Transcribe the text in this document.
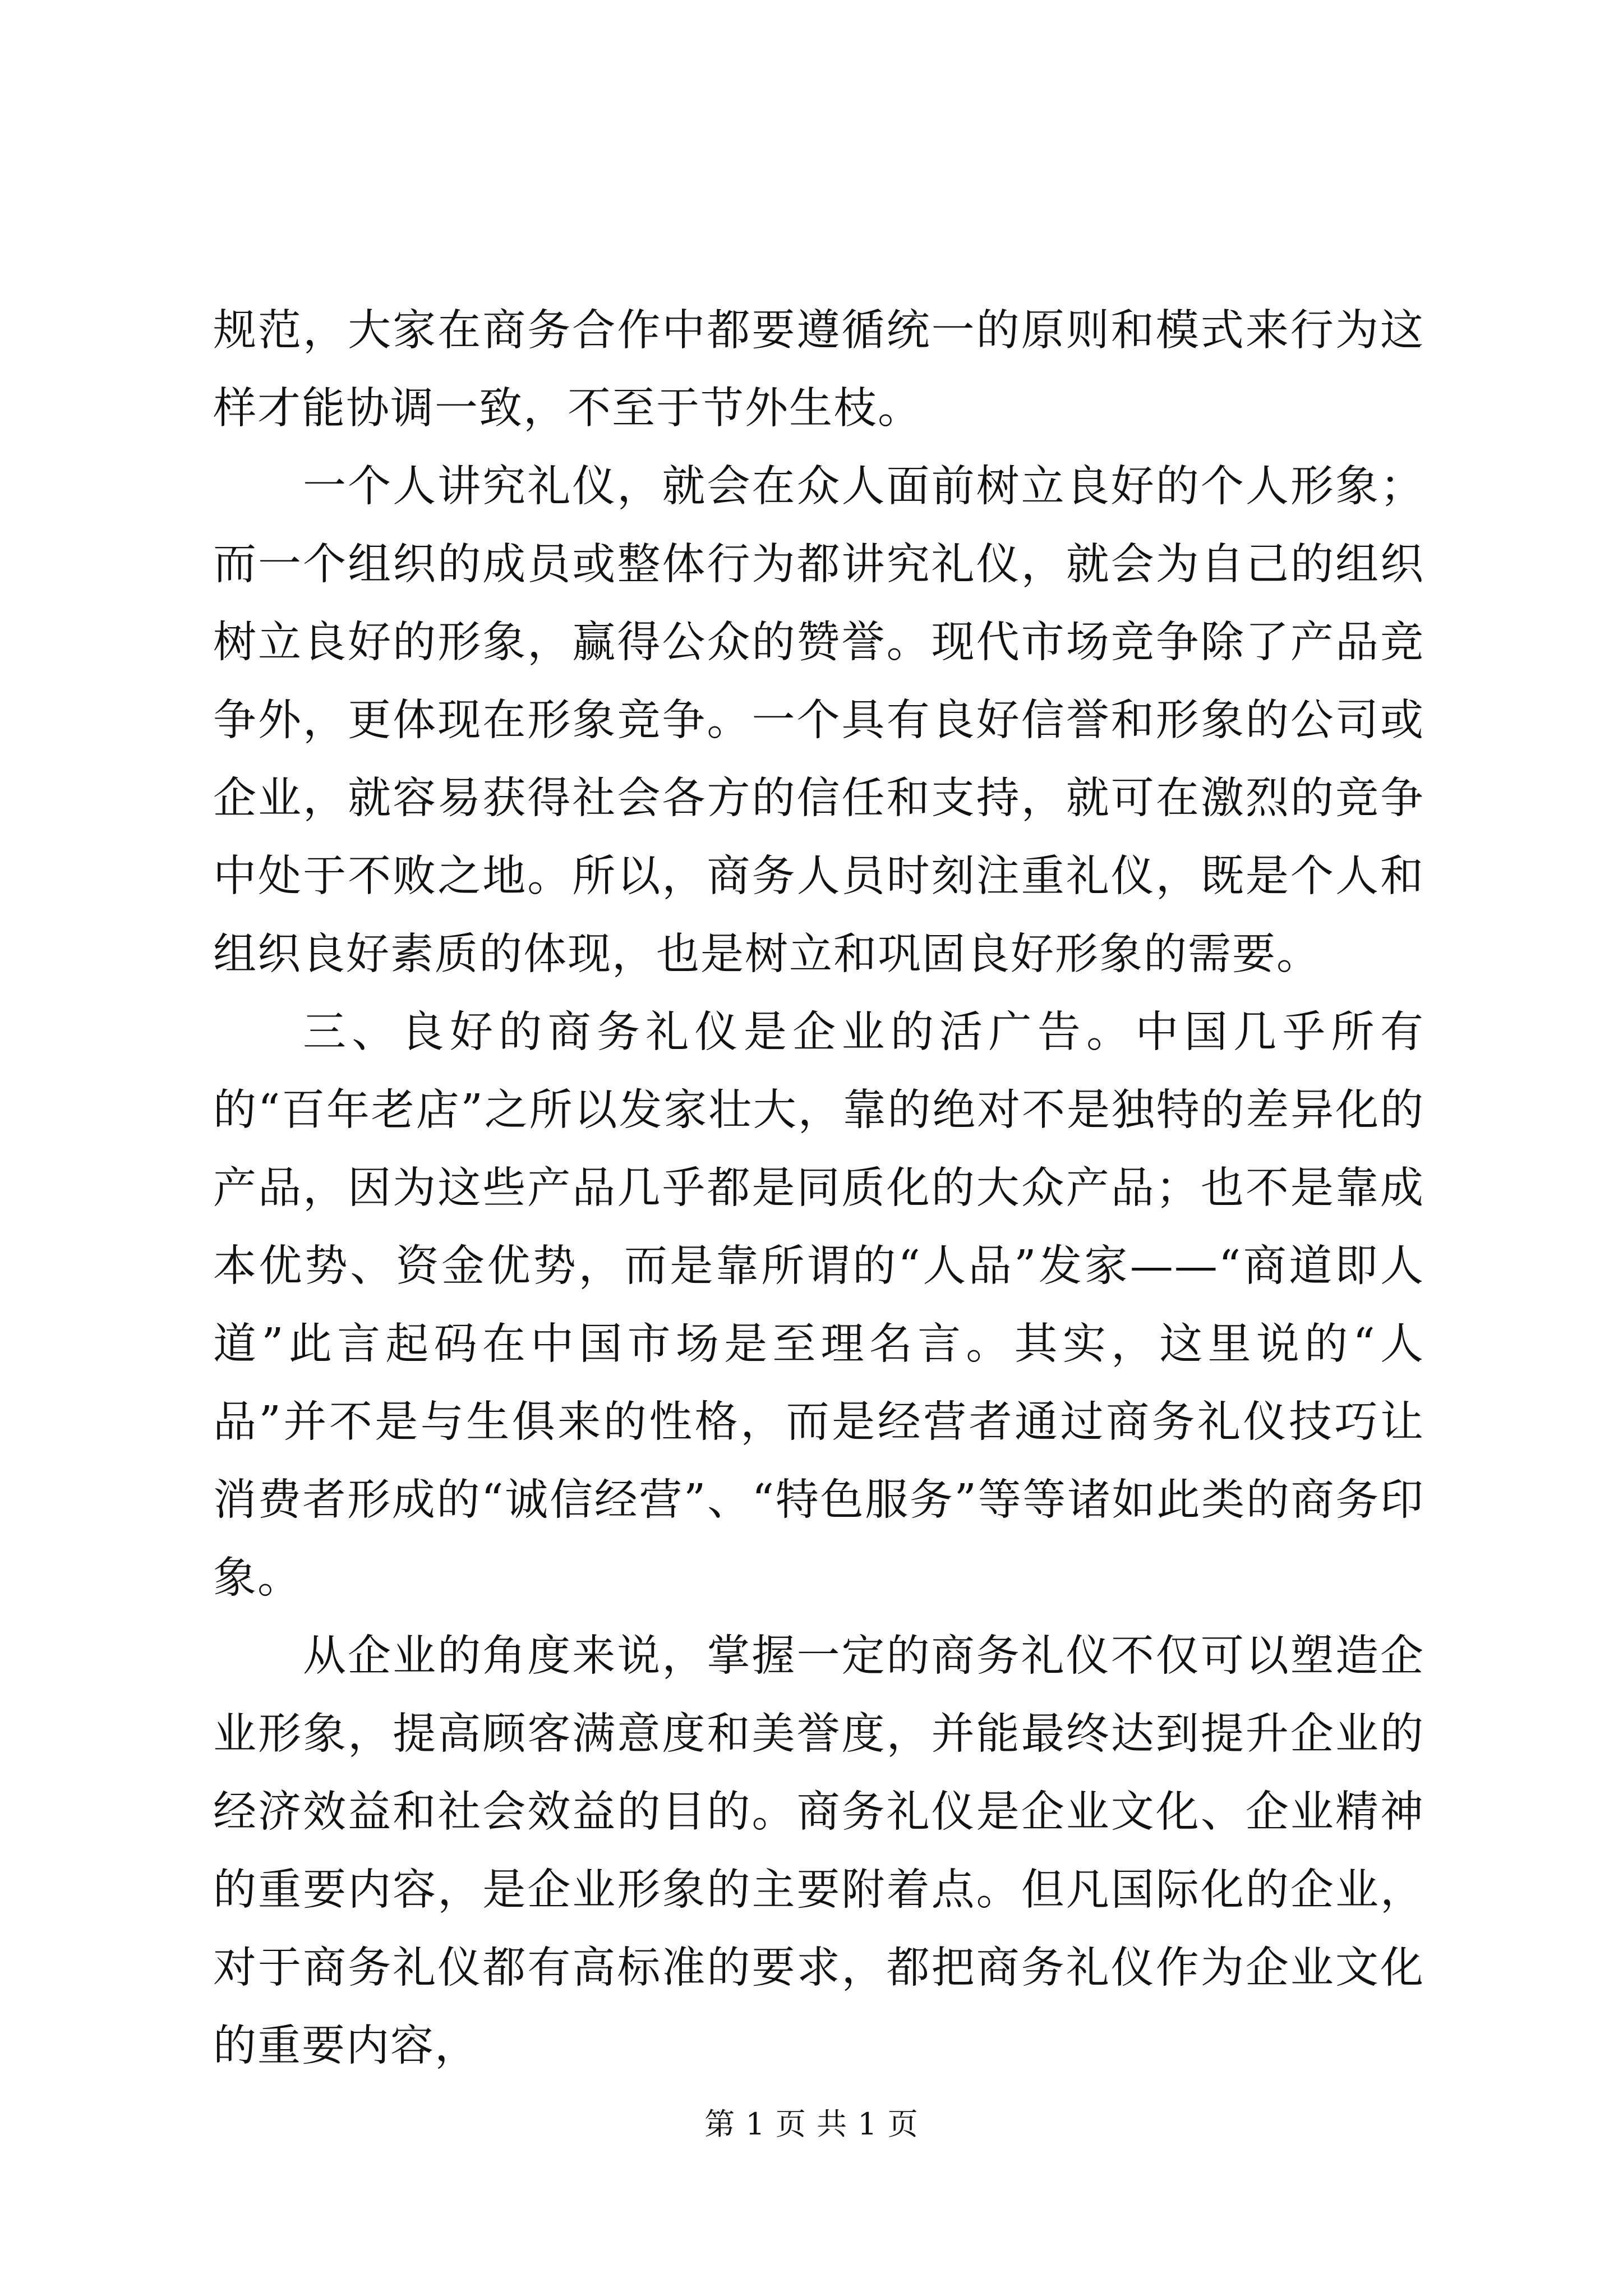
规范，大家在商务合作中都要遵循统一的原则和模式来行为这样才能协调一致，不至于节外生枝。

一个人讲究礼仪，就会在众人面前树立良好的个人形象；而一个组织的成员或整体行为都讲究礼仪，就会为自己的组织树立良好的形象，赢得公众的赞誉。现代市场竞争除了产品竞争外，更体现在形象竞争。一个具有良好信誉和形象的公司或企业，就容易获得社会各方的信任和支持，就可在激烈的竞争中处于不败之地。所以，商务人员时刻注重礼仪，既是个人和组织良好素质的体现，也是树立和巩固良好形象的需要。

三、良好的商务礼仪是企业的活广告。中国几乎所有的“百年老店”之所以发家壮大，靠的绝对不是独特的差异化的产品，因为这些产品几乎都是同质化的大众产品；也不是靠成本优势、资金优势，而是靠所谓的“人品”发家——“商道即人道”此言起码在中国市场是至理名言。其实，这里说的“人品”并不是与生俱来的性格，而是经营者通过商务礼仪技巧让消费者形成的“诚信经营”、“特色服务”等等诸如此类的商务印象。

从企业的角度来说，掌握一定的商务礼仪不仅可以塑造企业形象，提高顾客满意度和美誉度，并能最终达到提升企业的经济效益和社会效益的目的。商务礼仪是企业文化、企业精神的重要内容，是企业形象的主要附着点。但凡国际化的企业，对于商务礼仪都有高标准的要求，都把商务礼仪作为企业文化的重要内容，

第 1 页 共 1 页
